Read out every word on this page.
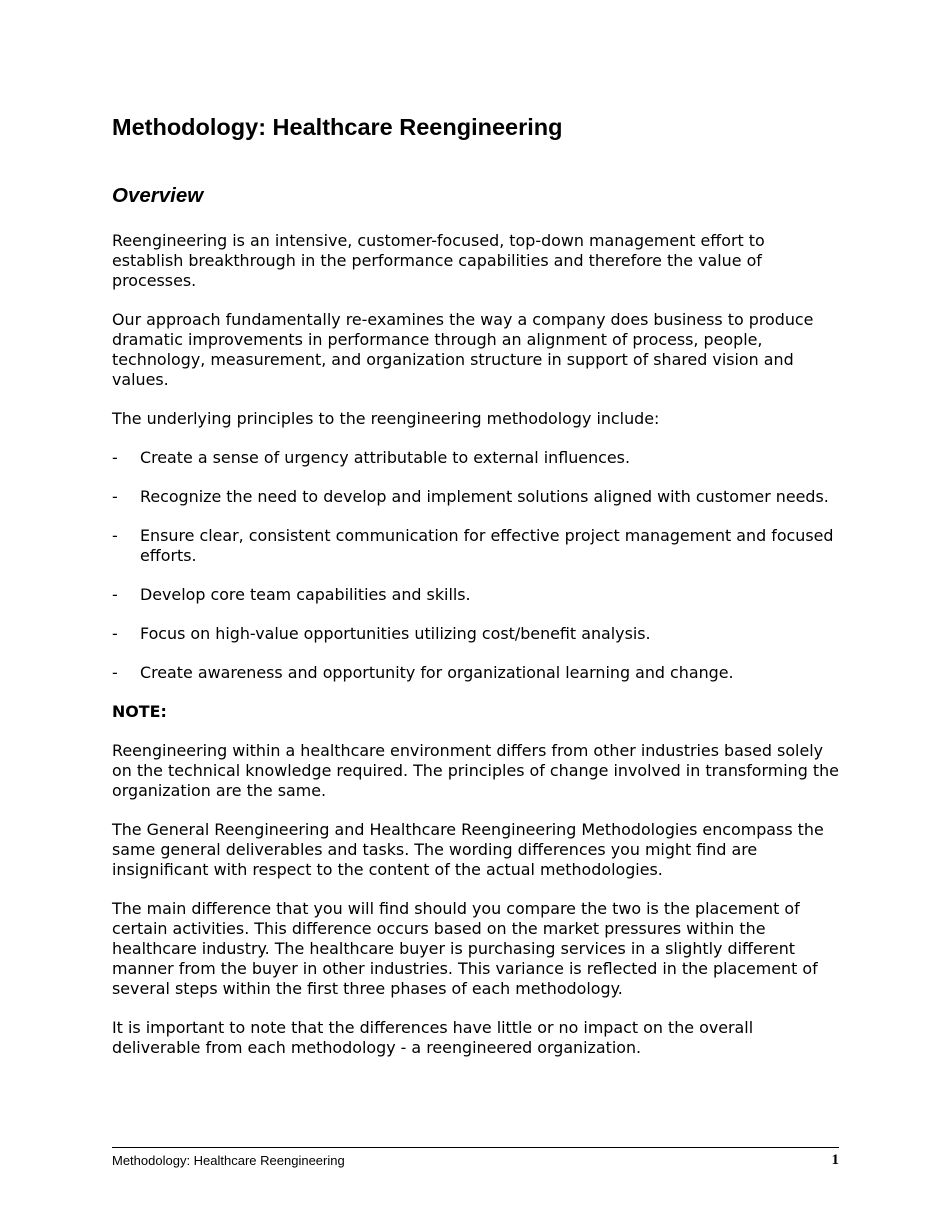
Methodology: Healthcare Reengineering
Overview

Reengineering is an intensive, customer-focused, top-down management effort to establish breakthrough in the performance capabilities and therefore the value of processes.

Our approach fundamentally re-examines the way a company does business to produce dramatic improvements in performance through an alignment of process, people, technology, measurement, and organization structure in support of shared vision and values.

The underlying principles to the reengineering methodology include:

-	Create a sense of urgency attributable to external influences.
-	Recognize the need to develop and implement solutions aligned with customer needs.
-	Ensure clear, consistent communication for effective project management and focused efforts.
-	Develop core team capabilities and skills.
-	Focus on high-value opportunities utilizing cost/benefit analysis.
-	Create awareness and opportunity for organizational learning and change.
NOTE:

Reengineering within a healthcare environment differs from other industries based solely on the technical knowledge required. The principles of change involved in transforming the organization are the same.

The General Reengineering and Healthcare Reengineering Methodologies encompass the same general deliverables and tasks. The wording differences you might find are insignificant with respect to the content of the actual methodologies.

The main difference that you will find should you compare the two is the placement of certain activities. This difference occurs based on the market pressures within the healthcare industry. The healthcare buyer is purchasing services in a slightly different manner from the buyer in other industries. This variance is reflected in the placement of several steps within the first three phases of each methodology.

It is important to note that the differences have little or no impact on the overall deliverable from each methodology - a reengineered organization.

Methodology: Healthcare Reengineering	1
